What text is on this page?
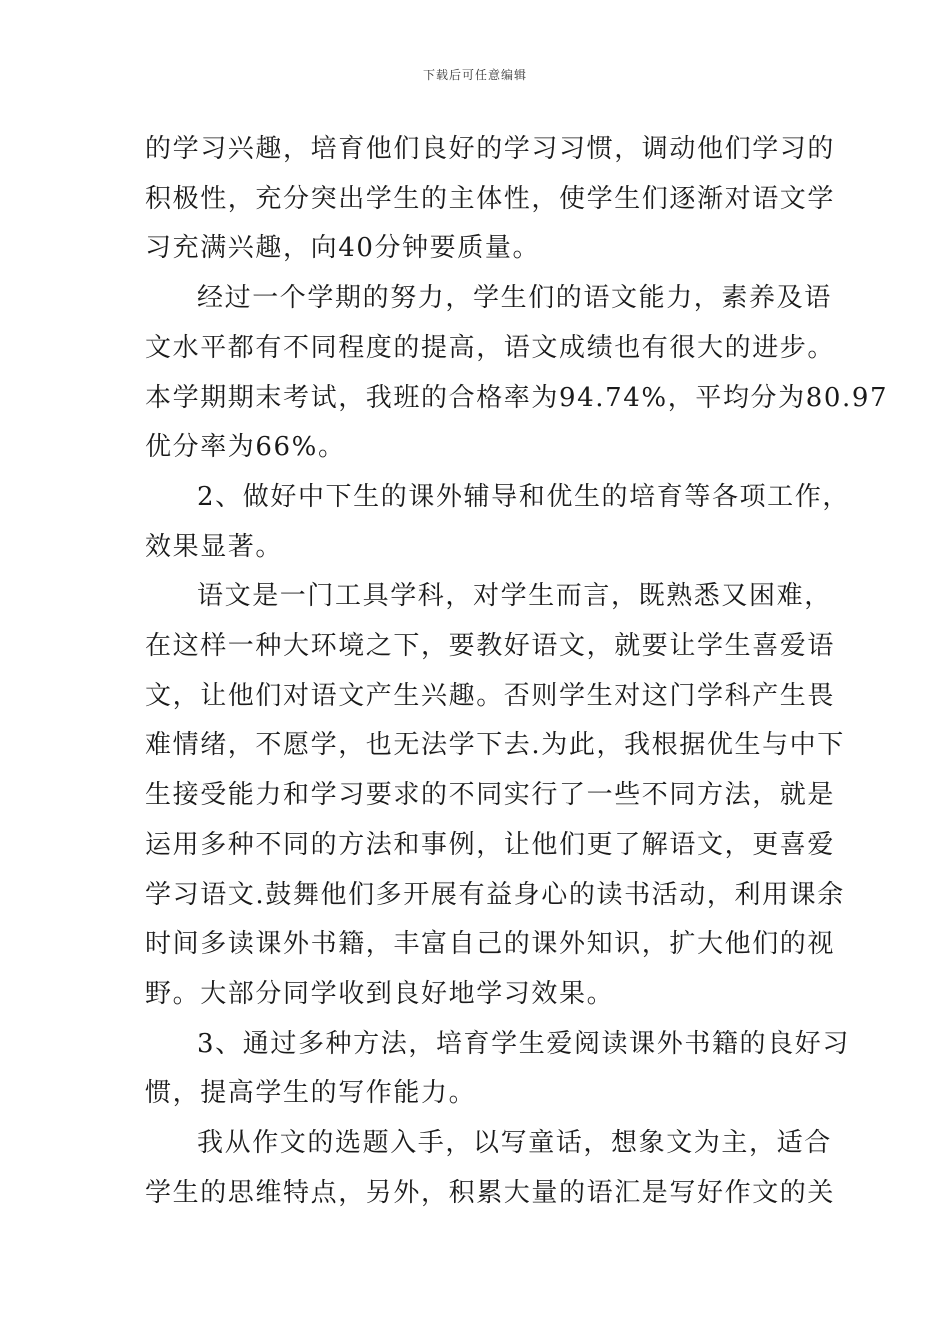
下载后可任意编辑

的学习兴趣，培育他们良好的学习习惯，调动他们学习的
积极性，充分突出学生的主体性，使学生们逐渐对语文学
习充满兴趣，向40分钟要质量。

经过一个学期的努力，学生们的语文能力，素养及语
文水平都有不同程度的提高，语文成绩也有很大的进步。
本学期期末考试，我班的合格率为94.74%，平均分为80.97
优分率为66%。

2、做好中下生的课外辅导和优生的培育等各项工作，
效果显著。

语文是一门工具学科，对学生而言，既熟悉又困难，
在这样一种大环境之下，要教好语文，就要让学生喜爱语
文，让他们对语文产生兴趣。否则学生对这门学科产生畏
难情绪，不愿学，也无法学下去.为此，我根据优生与中下
生接受能力和学习要求的不同实行了一些不同方法，就是
运用多种不同的方法和事例，让他们更了解语文，更喜爱
学习语文.鼓舞他们多开展有益身心的读书活动，利用课余
时间多读课外书籍，丰富自己的课外知识，扩大他们的视
野。大部分同学收到良好地学习效果。

3、通过多种方法，培育学生爱阅读课外书籍的良好习
惯，提高学生的写作能力。

我从作文的选题入手，以写童话，想象文为主，适合
学生的思维特点，另外，积累大量的语汇是写好作文的关
